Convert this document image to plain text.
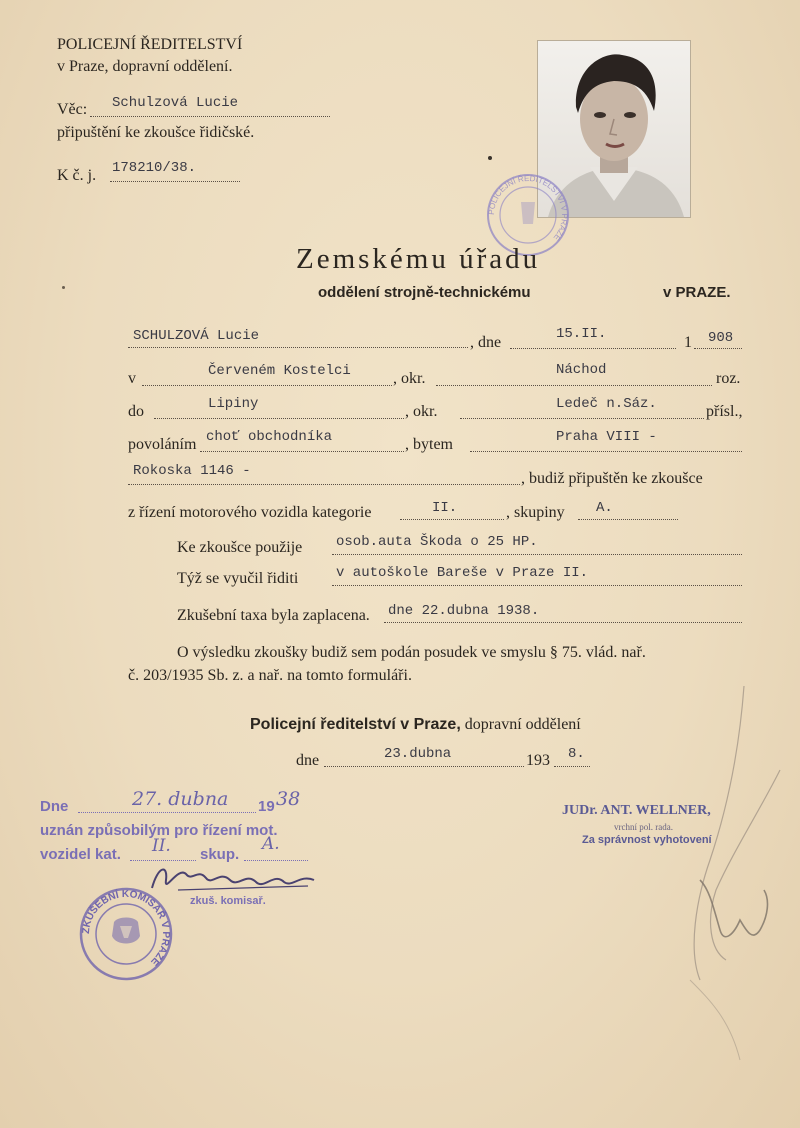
POLICEJNÍ ŘEDITELSTVÍ
v Praze, dopravní oddělení.
Věc: Schulzová Lucie
připuštění ke zkoušce řidičské.
K č. j. 178210/38.
POLICEJNÍ ŘEDITELSTVÍ V PRAZE
Zemskému úřadu
oddělení strojně-technickému	v PRAZE.
SCHULZOVÁ Lucie	, dne	15.II.	1 908
v	Červeném Kostelci	, okr.	Náchod	roz.
do	Lipiny	, okr.	Ledeč n.Sáz.	přísl.,
povoláním choť obchodníka	, bytem	Praha VIII -
Rokoska 1146 -	, budiž připuštěn ke zkoušce
z řízení motorového vozidla kategorie	II.	, skupiny A.
Ke zkoušce použije osob.auta Škoda o 25 HP.
Týž se vyučil řiditi	v autoškole Bareše v Praze II.
Zkušební taxa byla zaplacena. dne 22.dubna 1938.
O výsledku zkoušky budiž sem podán posudek ve smyslu § 75. vlád. nař.
č. 203/1935 Sb. z. a nař. na tomto formuláři.
Policejní ředitelství v Praze, dopravní oddělení
dne	23.dubna	193 8.
Dne	27. dubna 19 38
uznán způsobilým pro řízení mot.
vozidel kat. II. skup.
A.
zkuš. komisař.
ZKUŠEBNÍ KOMISAŘ V PRAZE
JUDr. ANT. WELLNER,
vrchní pol. rada.
Za správnost vyhotovení
